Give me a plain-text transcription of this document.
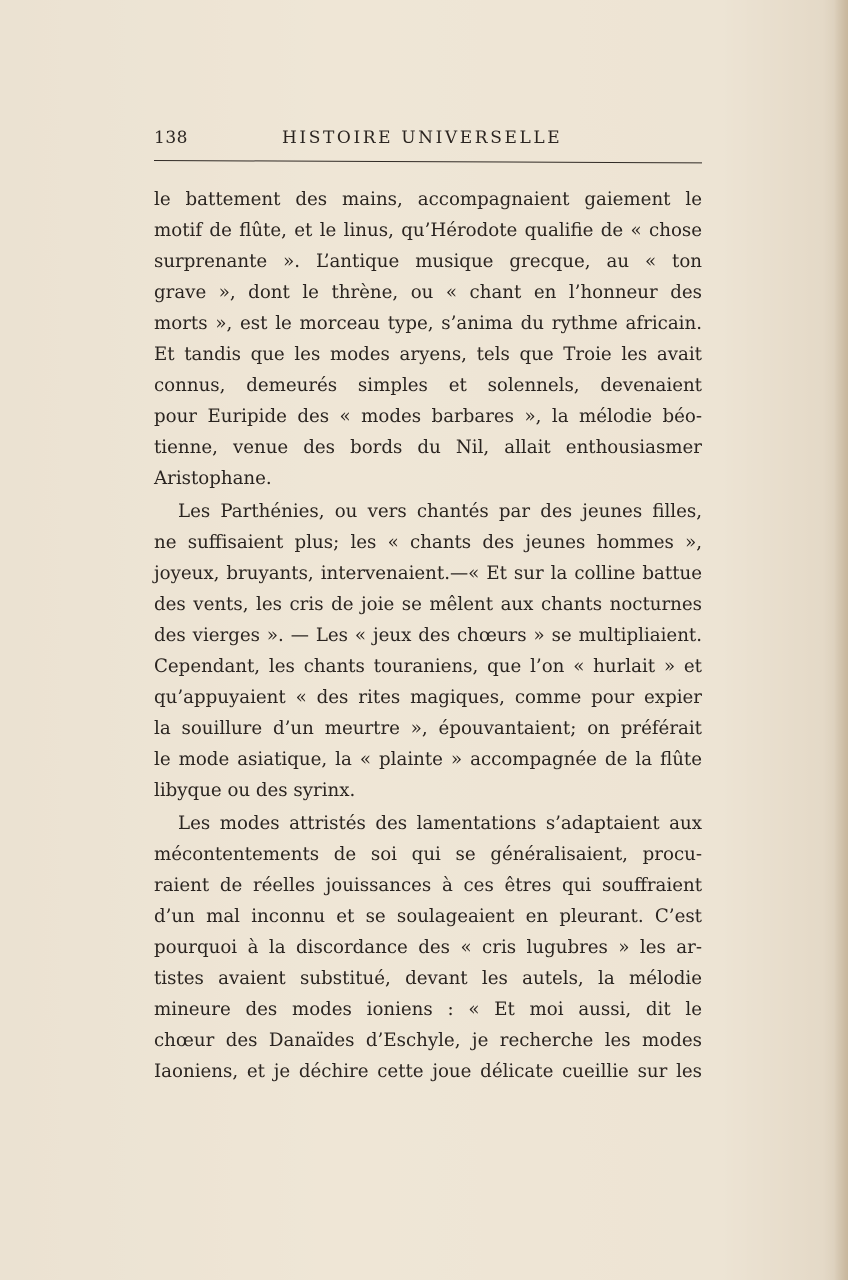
138	HISTOIRE UNIVERSELLE
le battement des mains, accompagnaient gaiement le
motif de flûte, et le linus, qu’Hérodote qualifie de « chose
surprenante ». L’antique musique grecque, au « ton
grave », dont le thrène, ou « chant en l’honneur des
morts », est le morceau type, s’anima du rythme africain.
Et tandis que les modes aryens, tels que Troie les avait
connus, demeurés simples et solennels, devenaient
pour Euripide des « modes barbares », la mélodie béo-
tienne, venue des bords du Nil, allait enthousiasmer
Aristophane.
Les Parthénies, ou vers chantés par des jeunes filles,
ne suffisaient plus; les « chants des jeunes hommes »,
joyeux, bruyants, intervenaient.—« Et sur la colline battue
des vents, les cris de joie se mêlent aux chants nocturnes
des vierges ». — Les « jeux des chœurs » se multipliaient.
Cependant, les chants touraniens, que l’on « hurlait » et
qu’appuyaient « des rites magiques, comme pour expier
la souillure d’un meurtre », épouvantaient; on préférait
le mode asiatique, la « plainte » accompagnée de la flûte
libyque ou des syrinx.
Les modes attristés des lamentations s’adaptaient aux
mécontentements de soi qui se généralisaient, procu-
raient de réelles jouissances à ces êtres qui souffraient
d’un mal inconnu et se soulageaient en pleurant. C’est
pourquoi à la discordance des « cris lugubres » les ar-
tistes avaient substitué, devant les autels, la mélodie
mineure des modes ioniens : « Et moi aussi, dit le
chœur des Danaïdes d’Eschyle, je recherche les modes
Iaoniens, et je déchire cette joue délicate cueillie sur les
